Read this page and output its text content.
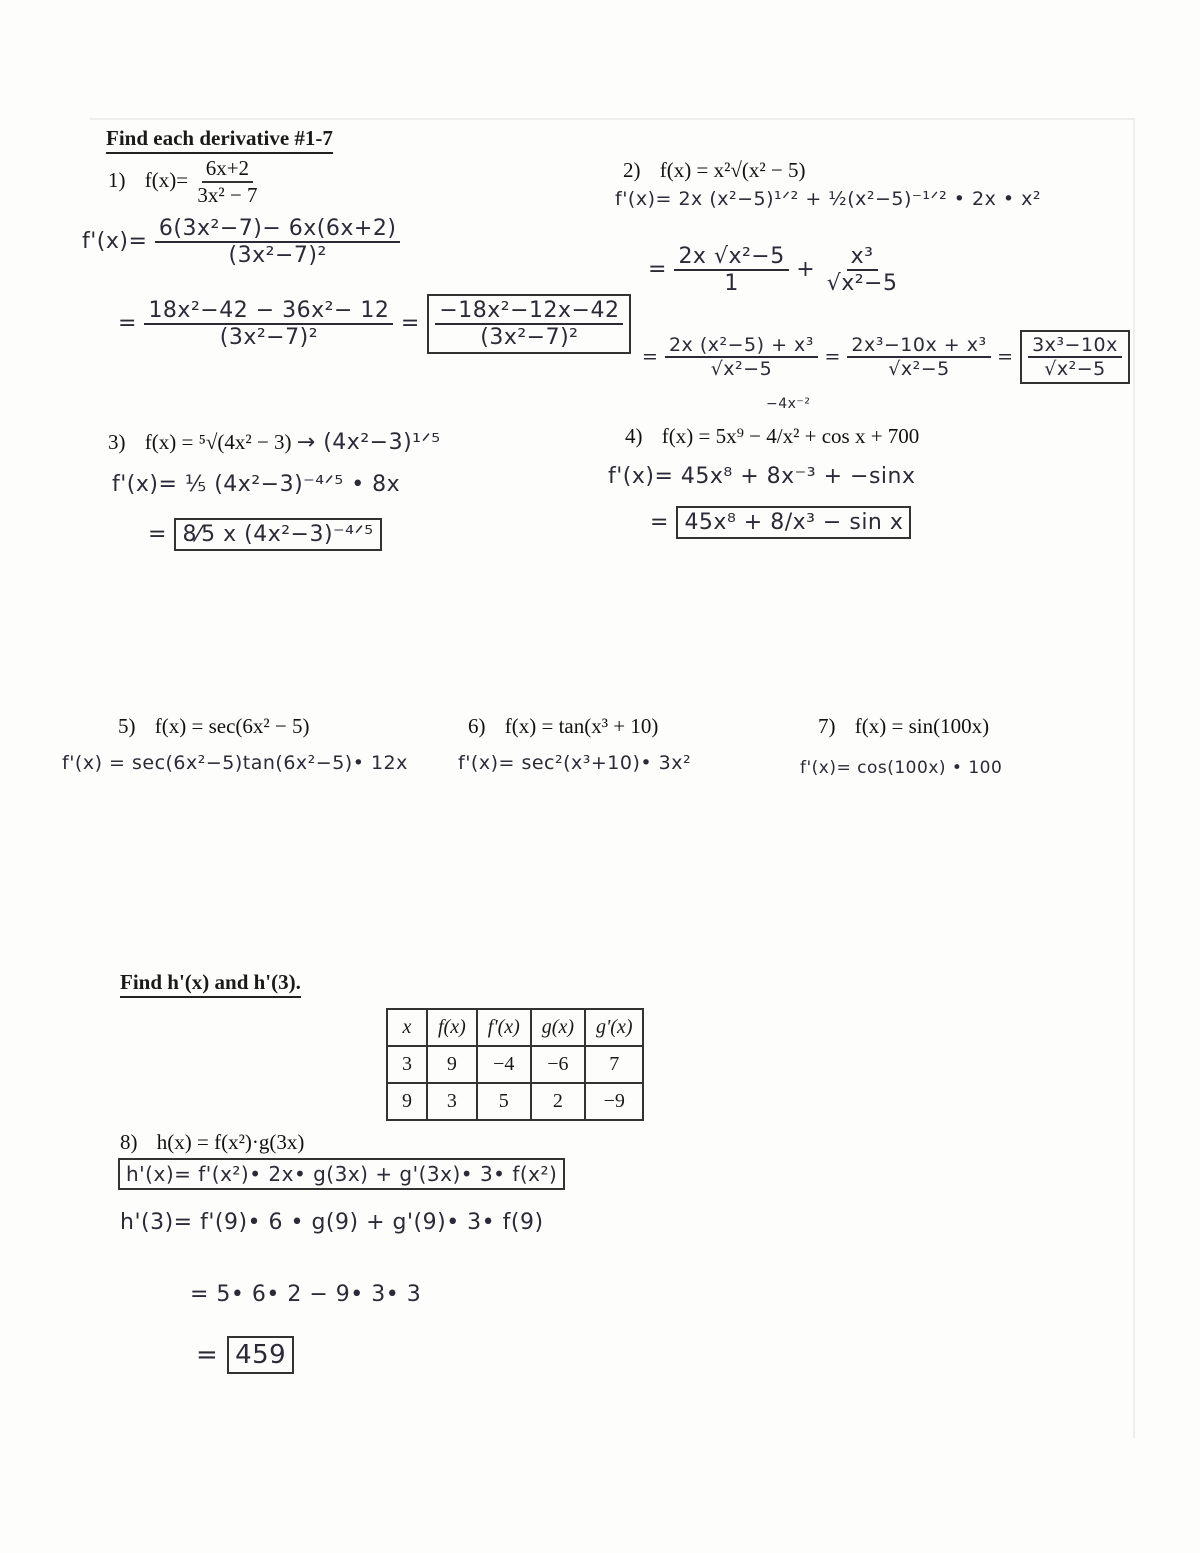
Find each derivative #1-7
1) $f(x)= \frac{6x+2}{\text{3x² − 7}}$
$f'(x)= \frac{\text{6(3x²−7)− 6x(6x+2)}}{\text{(3x²−7)²}}$
= $\frac{\text{18x²−42 − 36x²− 12}}{\text{(3x²−7)²}} = \frac{\text{−18x²−12x−42}}{\text{(3x²−7)²}}$
2) f(x) = x²√(x² − 5)
f'(x)= 2x (x²−5)¹ᐟ² + ½(x²−5)⁻¹ᐟ² • 2x • x²
= $\frac{\text{2x √x²−5}}{1} + \frac{\text{x³}}{\text{√x²−5}}$
= $\frac{\text{2x (x²−5) + x³}}{\text{√x²−5}} = \frac{\text{2x³−10x + x³}}{\text{√x²−5}} = \frac{\text{3x³−10x}}{\text{√x²−5}}$
3) f(x) = ⁵√(4x² − 3) → (4x²−3)¹ᐟ⁵
f'(x)= ⅕ (4x²−3)⁻⁴ᐟ⁵ • 8x
= 8⁄5 x (4x²−3)⁻⁴ᐟ⁵
−4x⁻²
4) f(x) = 5x⁹ − 4/x² + cos x + 700
f'(x)= 45x⁸ + 8x⁻³ + −sinx
= 45x⁸ + 8/x³ − sin x
5) f(x) = sec(6x² − 5)
f'(x) = sec(6x²−5)tan(6x²−5)• 12x
6) f(x) = tan(x³ + 10)
f'(x)= sec²(x³+10)• 3x²
7) f(x) = sin(100x)
f'(x)= cos(100x) • 100
Find h'(x) and h'(3).
x	f(x)	f'(x)	g(x)	g'(x)
3	9	−4	−6	7
9	3	5	2	−9
8) h(x) = f(x²)·g(3x)
h'(x)= f'(x²)• 2x• g(3x) + g'(3x)• 3• f(x²)
h'(3)= f'(9)• 6 • g(9) + g'(9)• 3• f(9)
= 5• 6• 2 − 9• 3• 3
= 459
